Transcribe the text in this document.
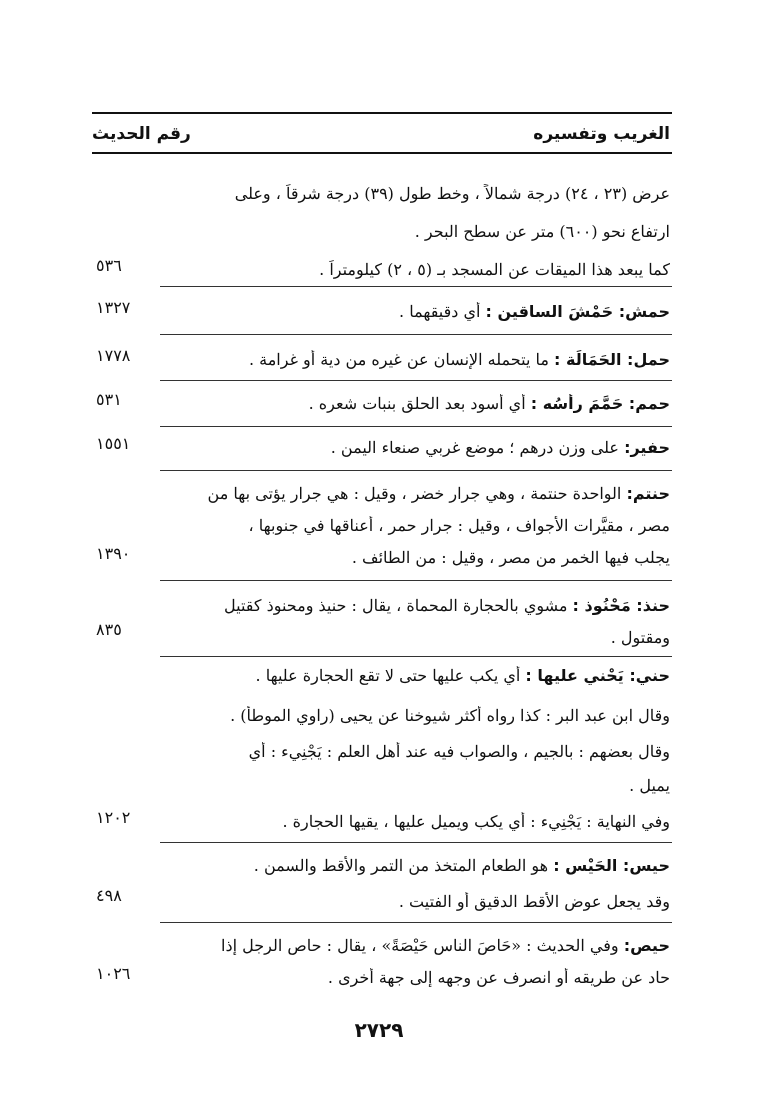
الغريب وتفسيره
رقم الحديث
عرض (٢٣ ، ٢٤) درجة شمالاً ، وخط طول (٣٩) درجة شرقاً ، وعلى
ارتفاع نحو (٦٠٠) متر عن سطح البحر .
كما يبعد هذا الميقات عن المسجد بـ (٥ ، ٢) كيلومتراً .
٥٣٦
حمش: حَمْشَ الساقين : أي دقيقهما .
١٣٢٧
حمل: الحَمَالَة : ما يتحمله الإنسان عن غيره من دية أو غرامة .
١٧٧٨
حمم: حَمَّمَ رأسُه : أي أسود بعد الحلق بنبات شعره .
٥٣١
حفير: على وزن درهم ؛ موضع غربي صنعاء اليمن .
١٥٥١
حنتم: الواحدة حنتمة ، وهي جرار خضر ، وقيل : هي جرار يؤتى بها من
مصر ، مقيَّرات الأجواف ، وقيل : جرار حمر ، أعناقها في جنوبها ،
يجلب فيها الخمر من مصر ، وقيل : من الطائف .
١٣٩٠
حنذ: مَحْنُوذ : مشوي بالحجارة المحماة ، يقال : حنيذ ومحنوذ كقتيل
ومقتول .
٨٣٥
حني: يَحْني عليها : أي يكب عليها حتى لا تقع الحجارة عليها .
وقال ابن عبد البر : كذا رواه أكثر شيوخنا عن يحيى (راوي الموطأ) .
وقال بعضهم : بالجيم ، والصواب فيه عند أهل العلم : يَجْنِيء : أي
يميل .
وفي النهاية : يَجْنِيء : أي يكب ويميل عليها ، يقيها الحجارة .
١٢٠٢
حيس: الحَيْس : هو الطعام المتخذ من التمر والأقط والسمن .
وقد يجعل عوض الأقط الدقيق أو الفتيت .
٤٩٨
حيص: وفي الحديث : «حَاصَ الناس حَيْصَةً» ، يقال : حاص الرجل إذا
حاد عن طريقه أو انصرف عن وجهه إلى جهة أخرى .
١٠٢٦
٢٧٢٩
